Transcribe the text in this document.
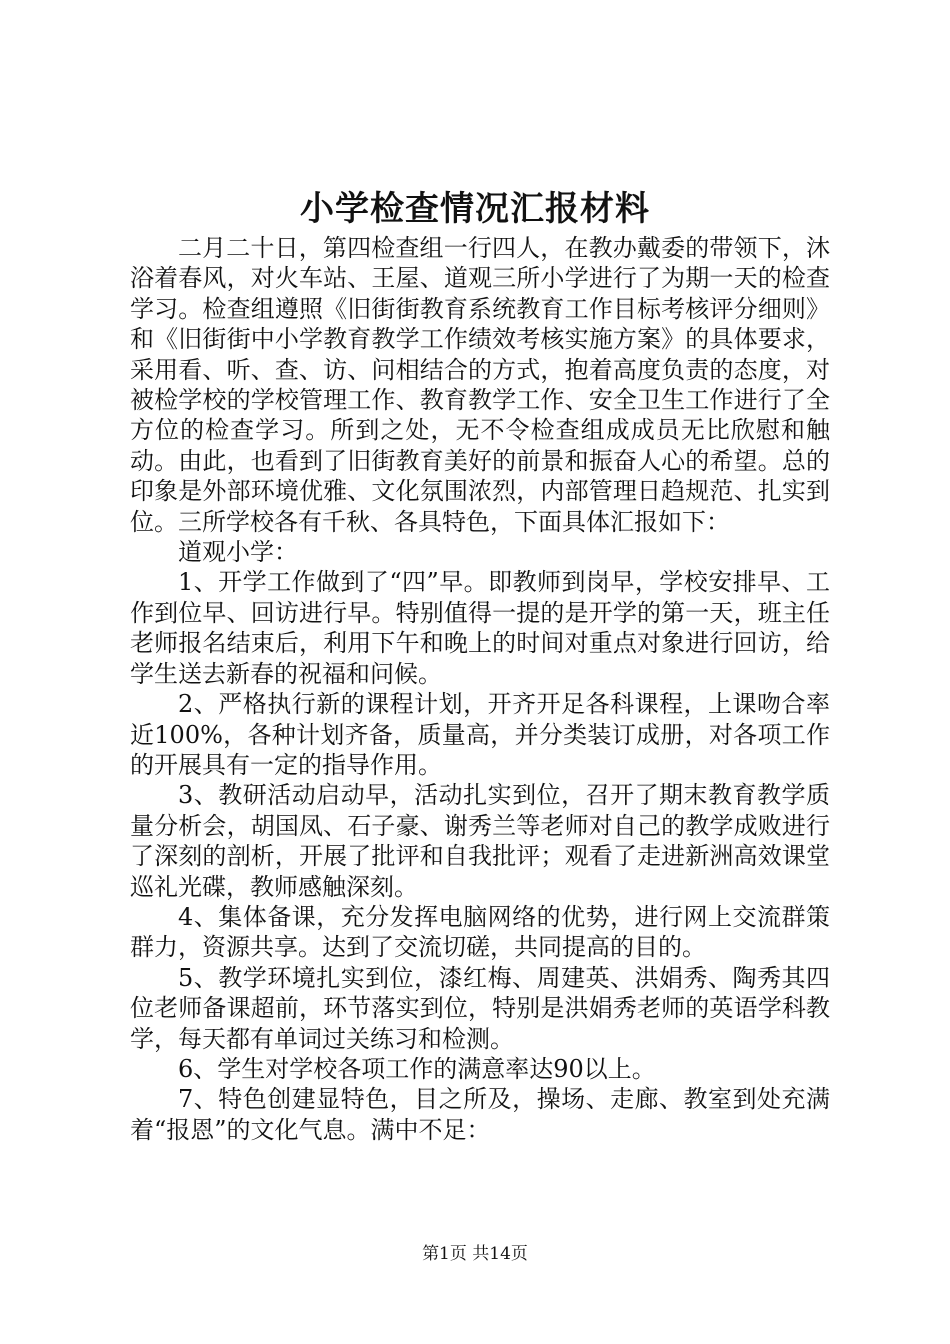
小学检查情况汇报材料

二月二十日，第四检查组一行四人，在教办戴委的带领下，沐浴着春风，对火车站、王屋、道观三所小学进行了为期一天的检查学习。检查组遵照《旧街街教育系统教育工作目标考核评分细则》和《旧街街中小学教育教学工作绩效考核实施方案》的具体要求，采用看、听、查、访、问相结合的方式，抱着高度负责的态度，对被检学校的学校管理工作、教育教学工作、安全卫生工作进行了全方位的检查学习。所到之处，无不令检查组成成员无比欣慰和触动。由此，也看到了旧街教育美好的前景和振奋人心的希望。总的印象是外部环境优雅、文化氛围浓烈，内部管理日趋规范、扎实到位。三所学校各有千秋、各具特色，下面具体汇报如下：

道观小学：

1、开学工作做到了“四”早。即教师到岗早，学校安排早、工作到位早、回访进行早。特别值得一提的是开学的第一天，班主任老师报名结束后，利用下午和晚上的时间对重点对象进行回访，给学生送去新春的祝福和问候。

2、严格执行新的课程计划，开齐开足各科课程，上课吻合率近100%，各种计划齐备，质量高，并分类装订成册，对各项工作的开展具有一定的指导作用。

3、教研活动启动早，活动扎实到位，召开了期末教育教学质量分析会，胡国凤、石子豪、谢秀兰等老师对自己的教学成败进行了深刻的剖析，开展了批评和自我批评；观看了走进新洲高效课堂巡礼光碟，教师感触深刻。

4、集体备课，充分发挥电脑网络的优势，进行网上交流群策群力，资源共享。达到了交流切磋，共同提高的目的。

5、教学环境扎实到位，漆红梅、周建英、洪娟秀、陶秀其四位老师备课超前，环节落实到位，特别是洪娟秀老师的英语学科教学，每天都有单词过关练习和检测。

6、学生对学校各项工作的满意率达90以上。

7、特色创建显特色，目之所及，操场、走廊、教室到处充满着“报恩”的文化气息。满中不足：

第1页 共14页
